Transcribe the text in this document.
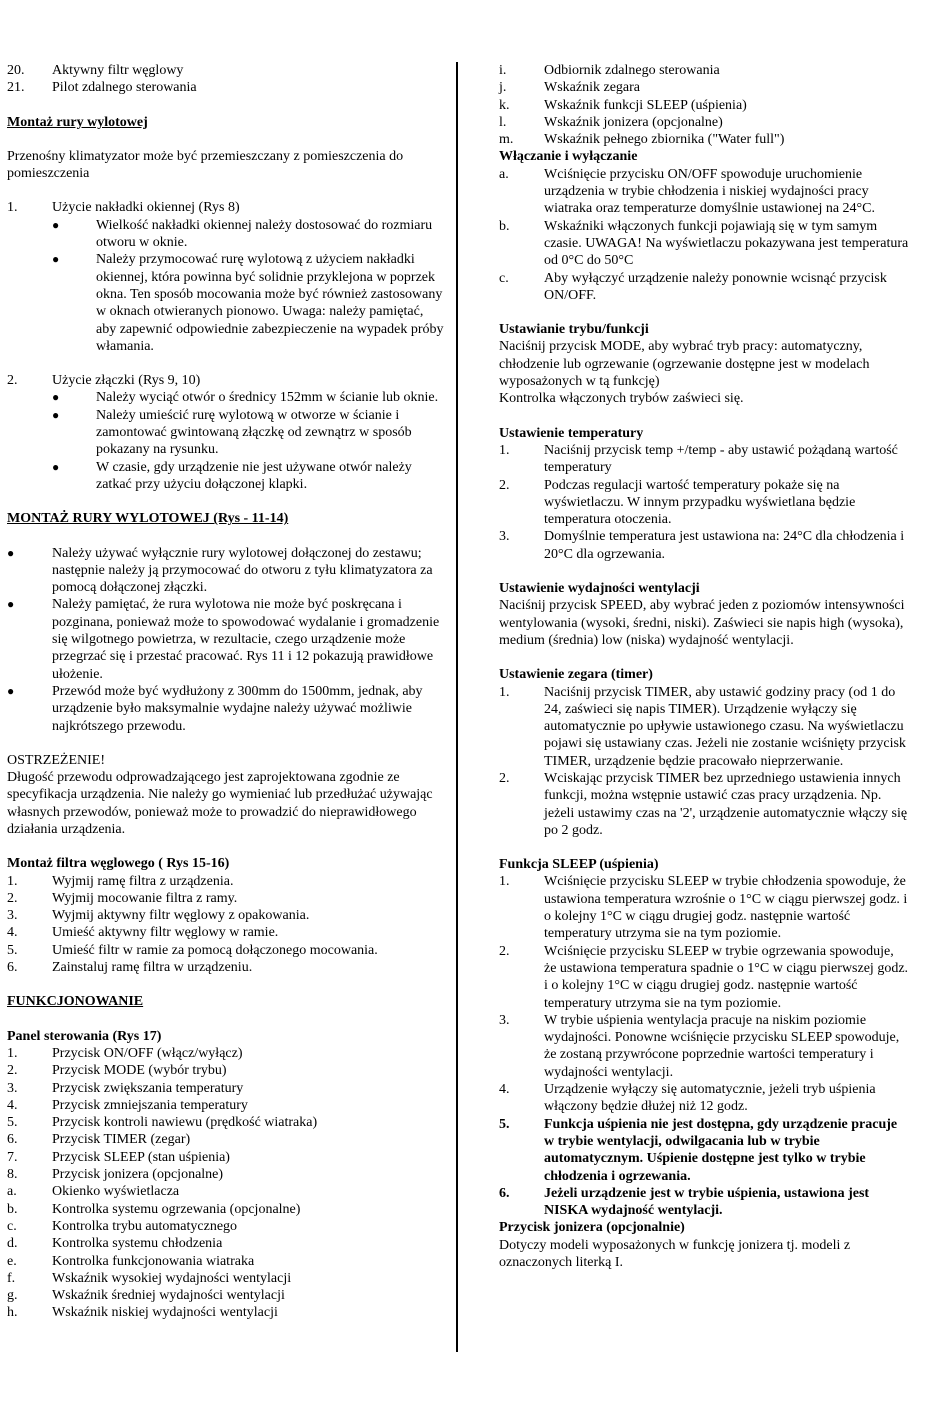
20.	Aktywny filtr węglowy
21.	Pilot zdalnego sterowania

Montaż rury wylotowej

Przenośny klimatyzator może być przemieszczany z pomieszczenia do pomieszczenia

1.	Użycie nakładki okiennej (Rys 8)
●	Wielkość nakładki okiennej należy dostosować do rozmiaru otworu w oknie.
●	Należy przymocować rurę wylotową z użyciem nakładki okiennej, która powinna być solidnie przyklejona w poprzek okna. Ten sposób mocowania może być również zastosowany w oknach otwieranych pionowo. Uwaga: należy pamiętać, aby zapewnić odpowiednie zabezpieczenie na wypadek próby włamania.
2.	Użycie złączki (Rys 9, 10)
●	Należy wyciąć otwór o średnicy 152mm w ścianie lub oknie.
●	Należy umieścić rurę wylotową w otworze w ścianie i zamontować gwintowaną złączkę od zewnątrz w sposób pokazany na rysunku.
●	W czasie, gdy urządzenie nie jest używane otwór należy zatkać przy użyciu dołączonej klapki.

MONTAŻ RURY WYLOTOWEJ (Rys - 11-14)

●	Należy używać wyłącznie rury wylotowej dołączonej do zestawu; następnie należy ją przymocować do otworu z tyłu klimatyzatora za pomocą dołączonej złączki.
●	Należy pamiętać, że rura wylotowa nie może być poskręcana i pozginana, ponieważ może to spowodować wydalanie i gromadzenie się wilgotnego powietrza, w rezultacie, czego urządzenie może przegrzać się i przestać pracować. Rys 11 i 12 pokazują prawidłowe ułożenie.
●	Przewód może być wydłużony z 300mm do 1500mm, jednak, aby urządzenie było maksymalnie wydajne należy używać możliwie najkrótszego przewodu.

OSTRZEŻENIE!

Długość przewodu odprowadzającego jest zaprojektowana zgodnie ze specyfikacja urządzenia. Nie należy go wymieniać lub przedłużać używając własnych przewodów, ponieważ może to prowadzić do nieprawidłowego działania urządzenia.

Montaż filtra węglowego ( Rys 15-16)

1.	Wyjmij ramę filtra z urządzenia.
2.	Wyjmij mocowanie filtra z ramy.
3.	Wyjmij aktywny filtr węglowy z opakowania.
4.	Umieść aktywny filtr węglowy w ramie.
5.	Umieść filtr w ramie za pomocą dołączonego mocowania.
6.	Zainstaluj ramę filtra w urządzeniu.

FUNKCJONOWANIE

Panel sterowania (Rys 17)

1.	Przycisk ON/OFF (włącz/wyłącz)
2.	Przycisk MODE (wybór trybu)
3.	Przycisk zwiększania temperatury
4.	Przycisk zmniejszania temperatury
5.	Przycisk kontroli nawiewu (prędkość wiatraka)
6.	Przycisk TIMER (zegar)
7.	Przycisk SLEEP (stan uśpienia)
8.	Przycisk jonizera (opcjonalne)
a.	Okienko wyświetlacza
b.	Kontrolka systemu ogrzewania (opcjonalne)
c.	Kontrolka trybu automatycznego
d.	Kontrolka systemu chłodzenia
e.	Kontrolka funkcjonowania wiatraka
f.	Wskaźnik wysokiej wydajności wentylacji
g.	Wskaźnik średniej wydajności wentylacji
h.	Wskaźnik niskiej wydajności wentylacji
i.	Odbiornik zdalnego sterowania
j.	Wskaźnik zegara
k.	Wskaźnik funkcji SLEEP (uśpienia)
l.	Wskaźnik jonizera (opcjonalne)
m.	Wskaźnik pełnego zbiornika ("Water full")

Włączanie i wyłączanie

a.	Wciśnięcie przycisku ON/OFF spowoduje uruchomienie urządzenia w trybie chłodzenia i niskiej wydajności pracy wiatraka oraz temperaturze domyślnie ustawionej na 24°C.
b.	Wskaźniki włączonych funkcji pojawiają się w tym samym czasie. UWAGA! Na wyświetlaczu pokazywana jest temperatura od 0°C do 50°C
c.	Aby wyłączyć urządzenie należy ponownie wcisnąć przycisk ON/OFF.

Ustawianie trybu/funkcji

Naciśnij przycisk MODE, aby wybrać tryb pracy: automatyczny, chłodzenie lub ogrzewanie (ogrzewanie dostępne jest w modelach wyposażonych w tą funkcję)

Kontrolka włączonych trybów zaświeci się.

Ustawienie temperatury

1.	Naciśnij przycisk temp +/temp - aby ustawić pożądaną wartość temperatury
2.	Podczas regulacji wartość temperatury pokaże się na wyświetlaczu. W innym przypadku wyświetlana będzie temperatura otoczenia.
3.	Domyślnie temperatura jest ustawiona na: 24°C dla chłodzenia i 20°C dla ogrzewania.

Ustawienie wydajności wentylacji

Naciśnij przycisk SPEED, aby wybrać jeden z poziomów intensywności wentylowania (wysoki, średni, niski). Zaświeci sie napis high (wysoka), medium (średnia) low (niska) wydajność wentylacji.

Ustawienie zegara (timer)

1.	Naciśnij przycisk TIMER, aby ustawić godziny pracy (od 1 do 24, zaświeci się napis TIMER). Urządzenie wyłączy się automatycznie po upływie ustawionego czasu. Na wyświetlaczu pojawi się ustawiany czas. Jeżeli nie zostanie wciśnięty przycisk TIMER, urządzenie będzie pracowało nieprzerwanie.
2.	Wciskając przycisk TIMER bez uprzedniego ustawienia innych funkcji, można wstępnie ustawić czas pracy urządzenia. Np. jeżeli ustawimy czas na '2', urządzenie automatycznie włączy się po 2 godz.

Funkcja SLEEP (uśpienia)

1.	Wciśnięcie przycisku SLEEP w trybie chłodzenia spowoduje, że ustawiona temperatura wzrośnie o 1°C w ciągu pierwszej godz. i o kolejny 1°C w ciągu drugiej godz. następnie wartość temperatury utrzyma sie na tym poziomie.
2.	Wciśnięcie przycisku SLEEP w trybie ogrzewania spowoduje, że ustawiona temperatura spadnie o 1°C w ciągu pierwszej godz. i o kolejny 1°C w ciągu drugiej godz. następnie wartość temperatury utrzyma sie na tym poziomie.
3.	W trybie uśpienia wentylacja pracuje na niskim poziomie wydajności. Ponowne wciśnięcie przycisku SLEEP spowoduje, że zostaną przywrócone poprzednie wartości temperatury i wydajności wentylacji.
4.	Urządzenie wyłączy się automatycznie, jeżeli tryb uśpienia włączony będzie dłużej niż 12 godz.
5.	Funkcja uśpienia nie jest dostępna, gdy urządzenie pracuje w trybie wentylacji, odwilgacania lub w trybie automatycznym. Uśpienie dostępne jest tylko w trybie chłodzenia i ogrzewania.
6.	Jeżeli urządzenie jest w trybie uśpienia, ustawiona jest NISKA wydajność wentylacji.

Przycisk jonizera (opcjonalnie)

Dotyczy modeli wyposażonych w funkcję jonizera tj. modeli z oznaczonych literką I.
